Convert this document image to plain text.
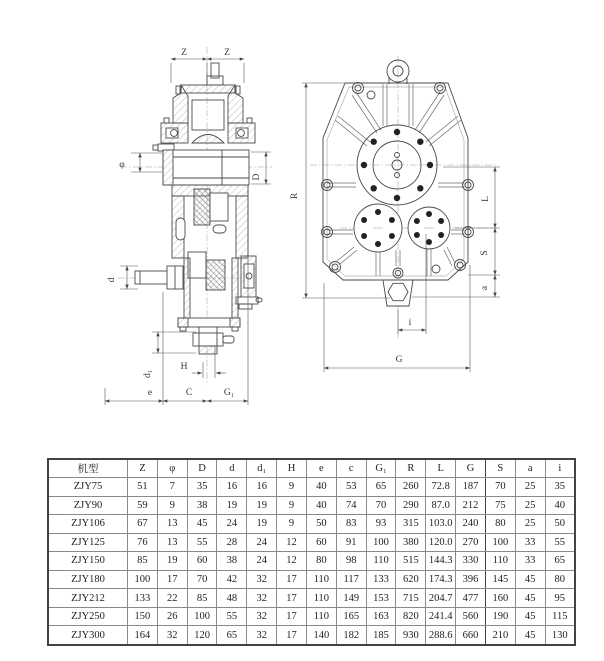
Z	Z
φ
D
d
d₁
H
e	C	G₁
R	L
S
a
i
G
机型	Z	φ	D	d	d₁	H	e	c	G₁	R	L	G	S	a	i
ZJY75	51	7	35	16	16	9	40	53	65	260	72.8	187	70	25	35
ZJY90	59	9	38	19	19	9	40	74	70	290	87.0	212	75	25	40
ZJY106	67	13	45	24	19	9	50	83	93	315	103.0	240	80	25	50
ZJY125	76	13	55	28	24	12	60	91	100	380	120.0	270	100	33	55
ZJY150	85	19	60	38	24	12	80	98	110	515	144.3	330	110	33	65
ZJY180	100	17	70	42	32	17	110	117	133	620	174.3	396	145	45	80
ZJY212	133	22	85	48	32	17	110	149	153	715	204.7	477	160	45	95
ZJY250	150	26	100	55	32	17	110	165	163	820	241.4	560	190	45	115
ZJY300	164	32	120	65	32	17	140	182	185	930	288.6	660	210	45	130
